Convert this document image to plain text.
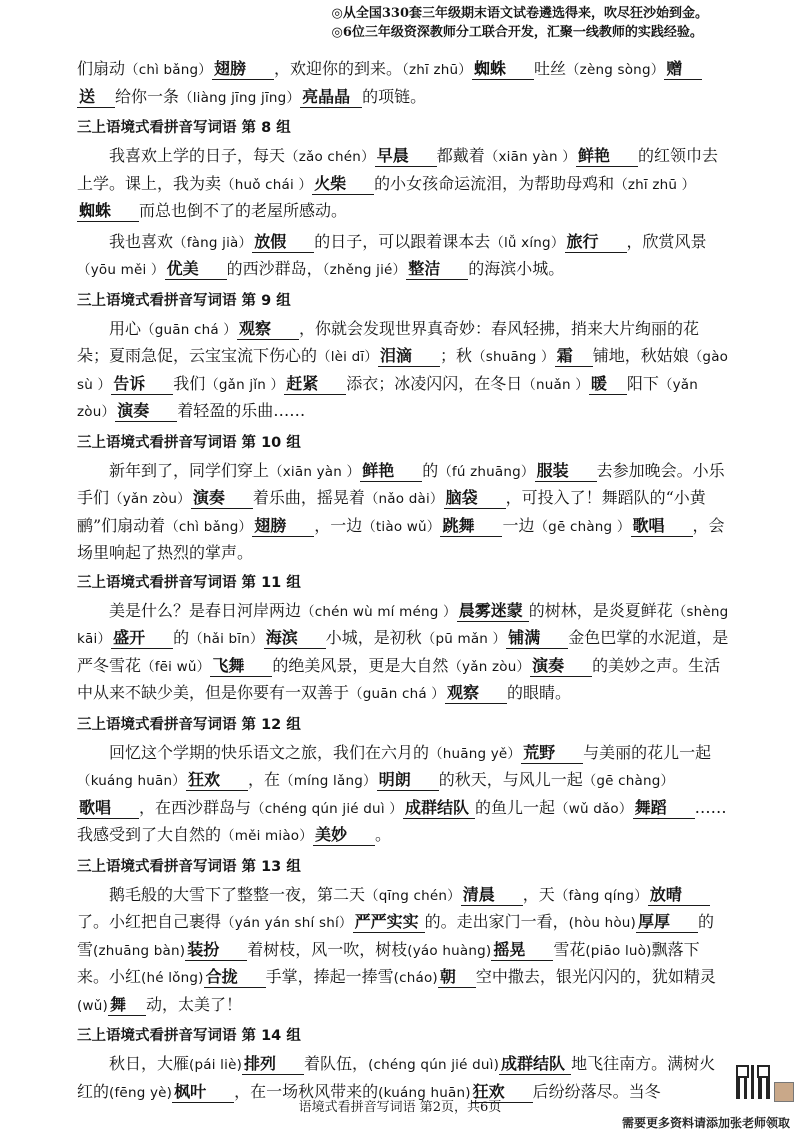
◎从全国330套三年级期末语文试卷遴选得来，吹尽狂沙始到金。
◎6位三年级资深教师分工联合开发，汇聚一线教师的实践经验。

们扇动（chì bǎng） 翅膀 ，欢迎你的到来。（zhī zhū） 蜘蛛 吐丝（zèng sòng） 赠送 给你一条（liàng jīng jīng） 亮晶晶 的项链。

三上语境式看拼音写词语 第 8 组

我喜欢上学的日子，每天（zǎo chén） 早晨 都戴着（xiān yàn ） 鲜艳 的红领巾去上学。课上，我为卖（huǒ chái ） 火柴 的小女孩命运流泪，为帮助母鸡和（zhī zhū ）蜘蛛 而总也倒不了的老屋所感动。

我也喜欢（fàng jià） 放假 的日子，可以跟着课本去（lǚ xíng） 旅行 ，欣赏风景（yōu měi ） 优美 的西沙群岛，（zhěng jié） 整洁 的海滨小城。

三上语境式看拼音写词语 第 9 组

用心（guān chá ） 观察 ，你就会发现世界真奇妙：春风轻拂，捎来大片绚丽的花朵；夏雨急促，云宝宝流下伤心的（lèi dī） 泪滴 ；秋（shuāng ） 霜 铺地，秋姑娘（gào sù ） 告诉 我们（gǎn jǐn ） 赶紧 添衣；冰凌闪闪，在冬日（nuǎn ） 暖 阳下（yǎn zòu） 演奏 着轻盈的乐曲……

三上语境式看拼音写词语 第 10 组

新年到了，同学们穿上（xiān yàn ） 鲜艳 的（fú zhuāng） 服装 去参加晚会。小乐手们（yǎn zòu） 演奏 着乐曲，摇晃着（nǎo dài） 脑袋 ，可投入了！舞蹈队的“小黄鹂”们扇动着（chì bǎng） 翅膀 ，一边（tiào wǔ） 跳舞 一边（gē chàng ） 歌唱 ，会场里响起了热烈的掌声。

三上语境式看拼音写词语 第 11 组

美是什么？是春日河岸两边（chén wù mí méng ） 晨雾迷蒙 的树林，是炎夏鲜花（shèng kāi） 盛开 的（hǎi bīn） 海滨 小城，是初秋（pū mǎn ） 铺满 金色巴掌的水泥道，是严冬雪花（fēi wǔ） 飞舞 的绝美风景，更是大自然（yǎn zòu） 演奏 的美妙之声。生活中从来不缺少美，但是你要有一双善于（guān chá ） 观察 的眼睛。

三上语境式看拼音写词语 第 12 组

回忆这个学期的快乐语文之旅，我们在六月的（huāng yě） 荒野 与美丽的花儿一起（kuáng huān） 狂欢 ，在（míng lǎng） 明朗 的秋天，与风儿一起（gē chàng）歌唱 ，在西沙群岛与（chéng qún jié duì ） 成群结队 的鱼儿一起（wǔ dǎo） 舞蹈 ……我感受到了大自然的（měi miào） 美妙 。

三上语境式看拼音写词语 第 13 组

鹅毛般的大雪下了整整一夜，第二天（qīng chén） 清晨 ，天（fàng qíng） 放晴了。小红把自己裹得（yán yán shí shí） 严严实实 的。走出家门一看，(hòu hòu) 厚厚 的雪(zhuāng bàn) 装扮 着树枝，风一吹，树枝(yáo huàng) 摇晃 雪花(piāo luò)飘落下来。小红(hé lǒng) 合拢 手掌，捧起一捧雪(cháo) 朝 空中撒去，银光闪闪的，犹如精灵(wǔ) 舞 动，太美了！

三上语境式看拼音写词语 第 14 组

秋日，大雁(pái liè) 排列 着队伍，(chéng qún jié duì) 成群结队 地飞往南方。满树火红的(fēng yè) 枫叶 ，在一场秋风带来的(kuáng huān) 狂欢 后纷纷落尽。当冬

语境式看拼音写词语 第2页，共6页
需要更多资料请添加张老师领取
